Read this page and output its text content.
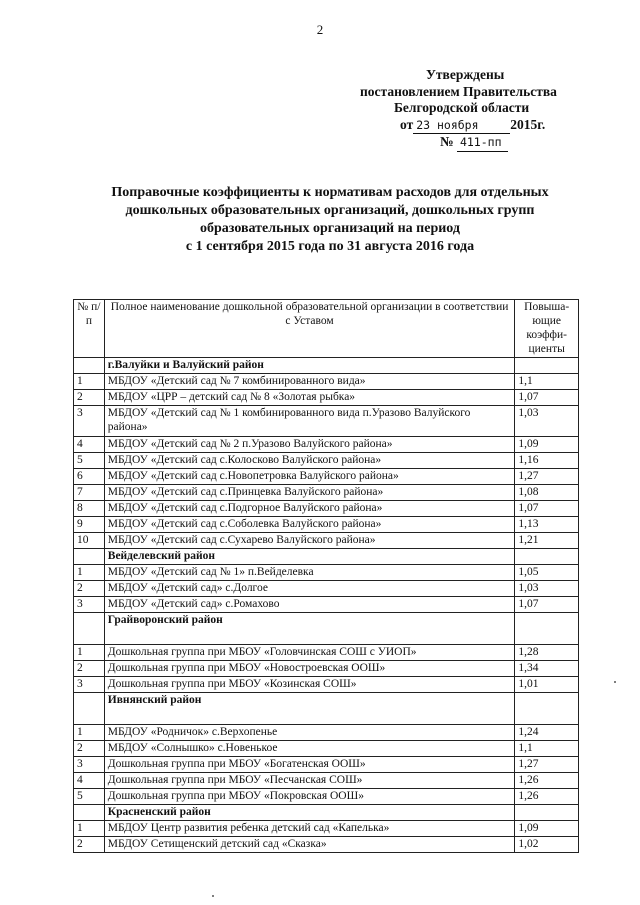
2
Утверждены
постановлением Правительства
Белгородской области
от 23 ноября 2015г.
№ 411-пп
Поправочные коэффициенты к нормативам расходов для отдельных
дошкольных образовательных организаций, дошкольных групп
образовательных организаций на период
с 1 сентября 2015 года по 31 августа 2016 года
№ п/п	Полное наименование дошкольной образовательной организации в соответствии с Уставом	Повыша-ющие коэффи-циенты
	г.Валуйки и Валуйский район	
1	МБДОУ «Детский сад № 7 комбинированного вида»	1,1
2	МБДОУ «ЦРР – детский сад № 8 «Золотая рыбка»	1,07
3	МБДОУ «Детский сад № 1 комбинированного вида п.Уразово Валуйского района»	1,03
4	МБДОУ «Детский сад № 2 п.Уразово Валуйского района»	1,09
5	МБДОУ «Детский сад с.Колосково Валуйского района»	1,16
6	МБДОУ «Детский сад с.Новопетровка Валуйского района»	1,27
7	МБДОУ «Детский сад с.Принцевка Валуйского района»	1,08
8	МБДОУ «Детский сад с.Подгорное Валуйского района»	1,07
9	МБДОУ «Детский сад с.Соболевка Валуйского района»	1,13
10	МБДОУ «Детский сад с.Сухарево Валуйского района»	1,21
	Вейделевский район	
1	МБДОУ «Детский сад № 1» п.Вейделевка	1,05
2	МБДОУ «Детский сад» с.Долгое	1,03
3	МБДОУ «Детский сад» с.Ромахово	1,07
	Грайворонский район	
1	Дошкольная группа при МБОУ «Головчинская СОШ с УИОП»	1,28
2	Дошкольная группа при МБОУ «Новостроевская ООШ»	1,34
3	Дошкольная группа при МБОУ «Козинская СОШ»	1,01
	Ивнянский район	
1	МБДОУ «Родничок» с.Верхопенье	1,24
2	МБДОУ «Солнышко» с.Новенькое	1,1
3	Дошкольная группа при МБОУ «Богатенская ООШ»	1,27
4	Дошкольная группа при МБОУ «Песчанская СОШ»	1,26
5	Дошкольная группа при МБОУ «Покровская ООШ»	1,26
	Красненский район	
1	МБДОУ Центр развития ребенка детский сад «Капелька»	1,09
2	МБДОУ Сетищенский детский сад «Сказка»	1,02
